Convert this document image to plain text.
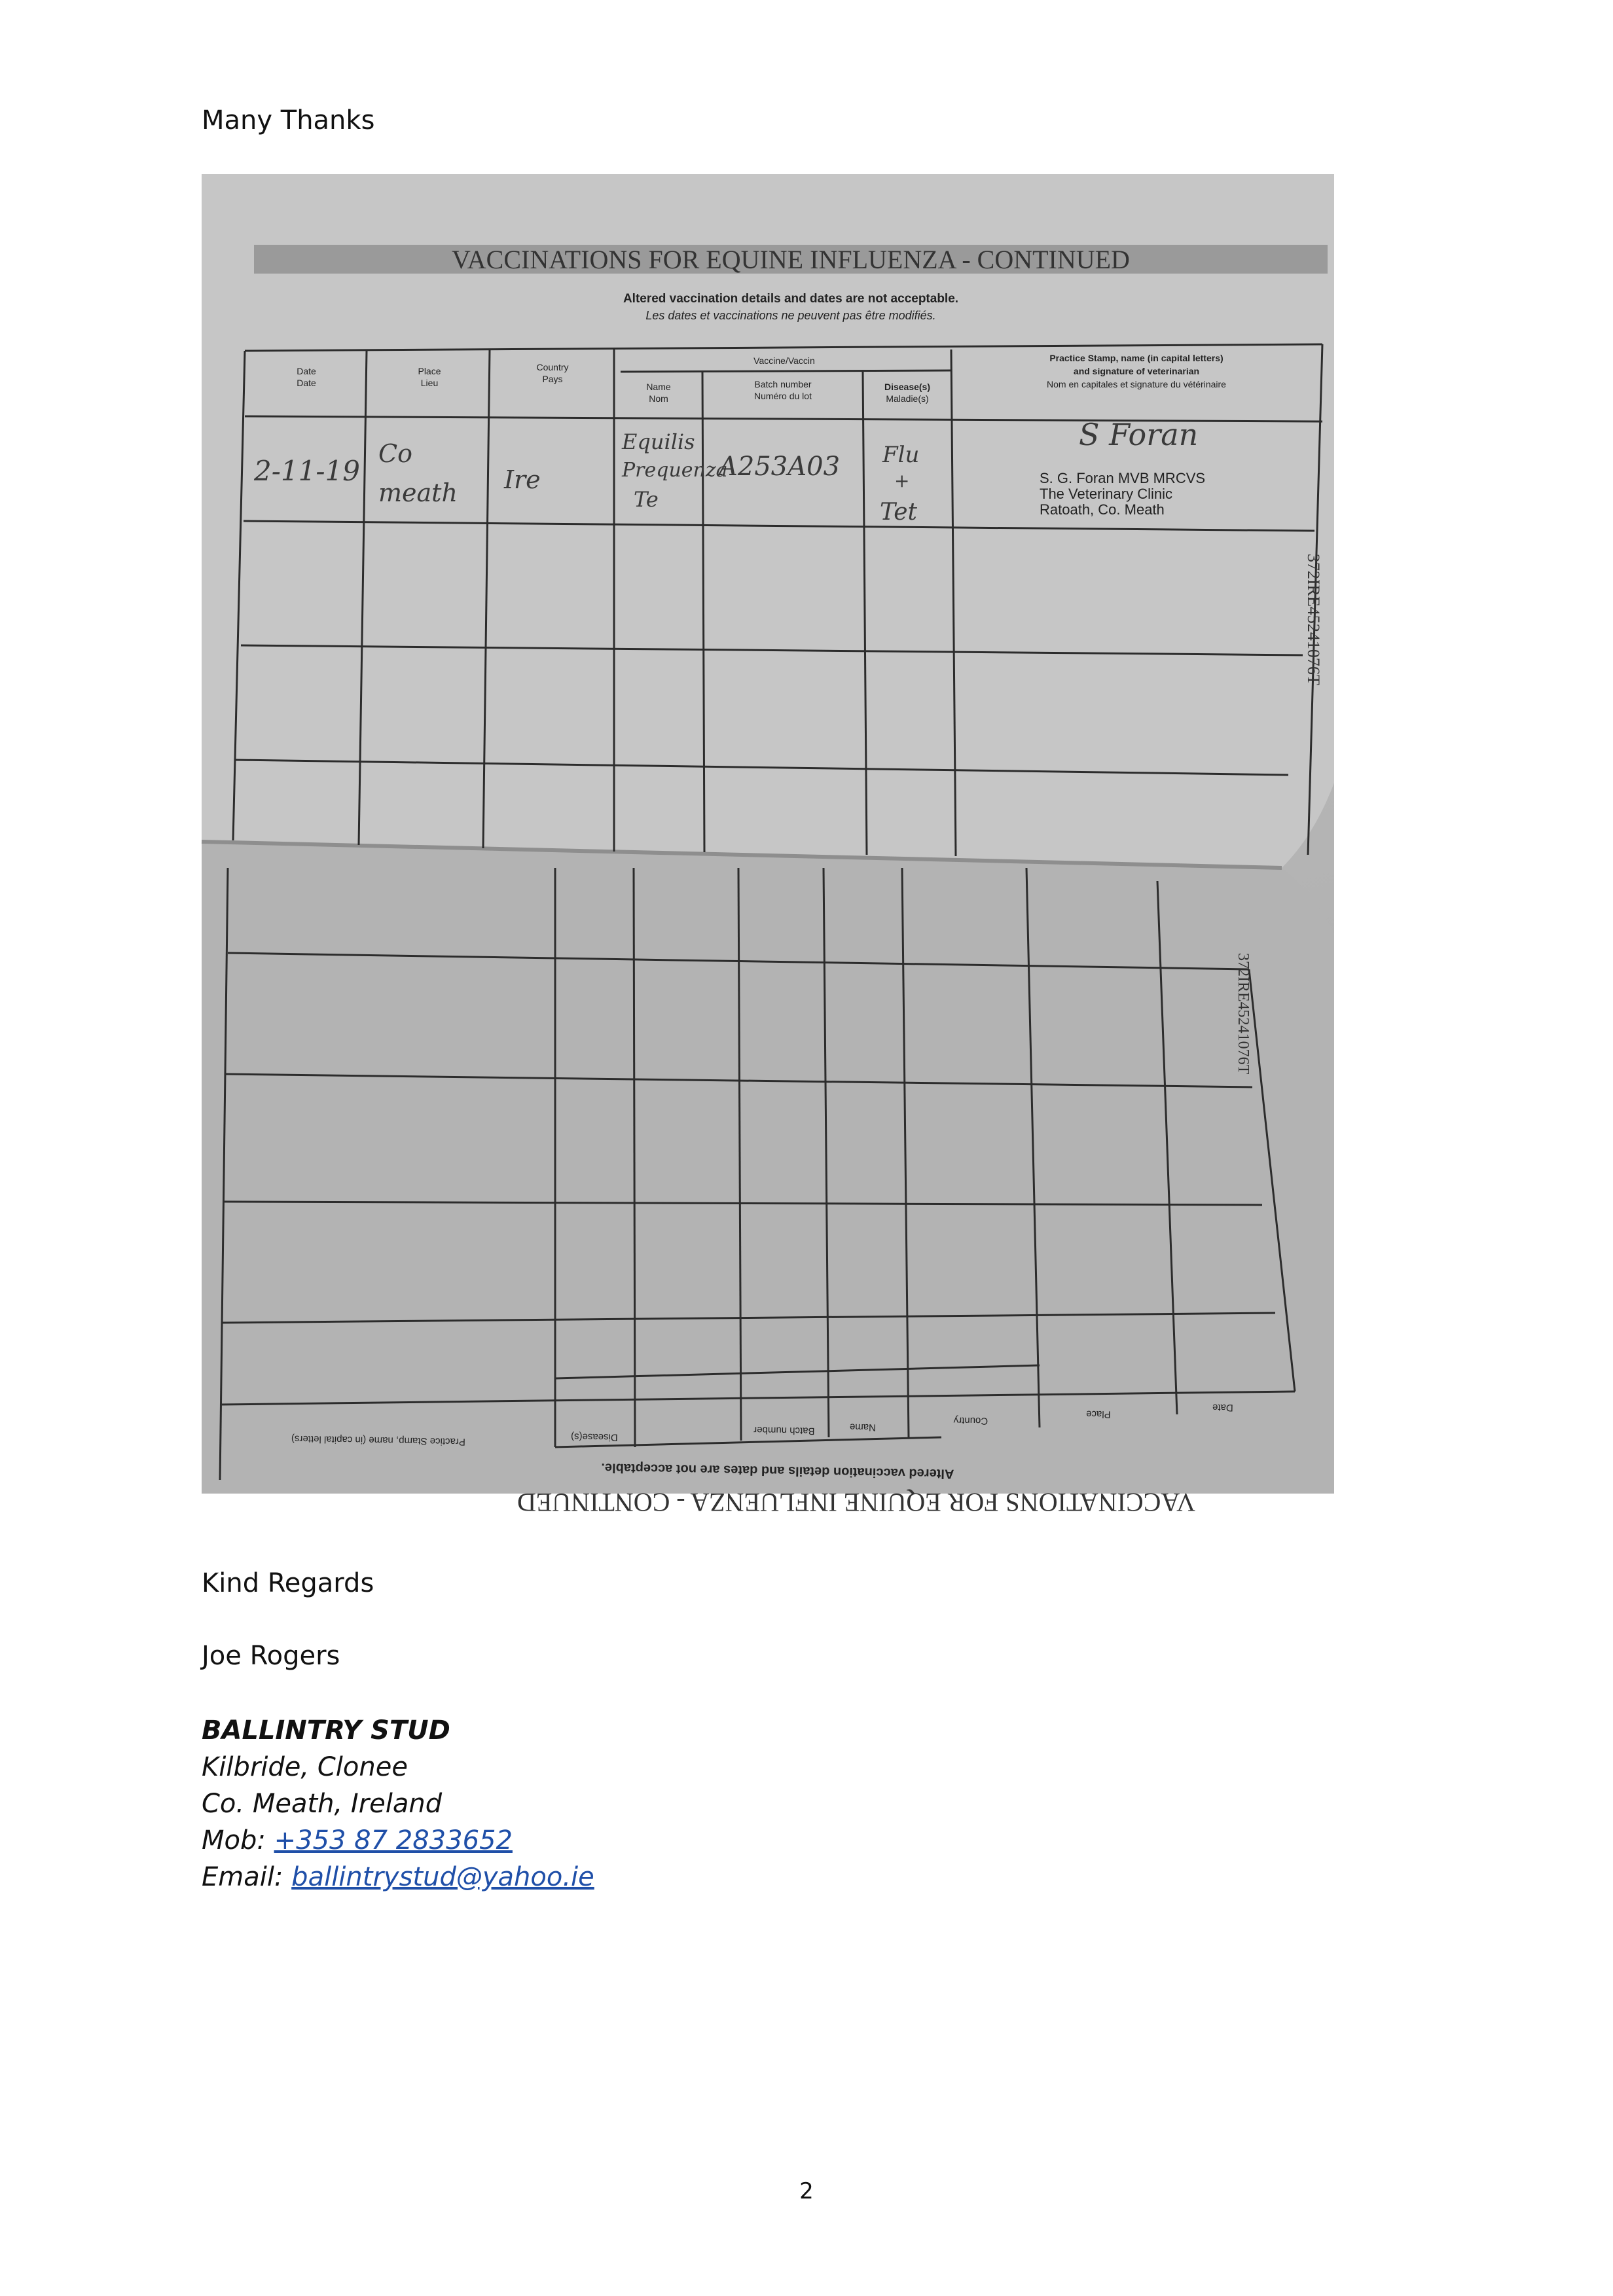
Many Thanks
VACCINATIONS FOR EQUINE INFLUENZA - CONTINUED
Altered vaccination details and dates are not acceptable.
Les dates et vaccinations ne peuvent pas être modifiés.
Date
Date
Place
Lieu
Country
Pays
Vaccine/Vaccin
Name
Nom
Batch number
Numéro du lot
Disease(s)
Maladie(s)
Practice Stamp, name (in capital letters)
and signature of veterinarian
Nom en capitales et signature du vétérinaire
2-11-19
Co
meath Ire
Equilis
Prequenza
Te
A253A03 Flu
+
Tet
S Foran
S. G. Foran MVB MRCVS
The Veterinary Clinic
Ratoath, Co. Meath
372IRE45241076T
372IRE45241076T
Date
Place
Country
Name
Batch number
Disease(s)
Practice Stamp, name (in capital letters)
Altered vaccination details and dates are not acceptable.
VACCINATIONS FOR EQUINE INFLUENZA - CONTINUED
Kind Regards
Joe Rogers
BALLINTRY STUD
Kilbride, Clonee
Co. Meath, Ireland
Mob: +353 87 2833652
Email: ballintrystud@yahoo.ie
2
